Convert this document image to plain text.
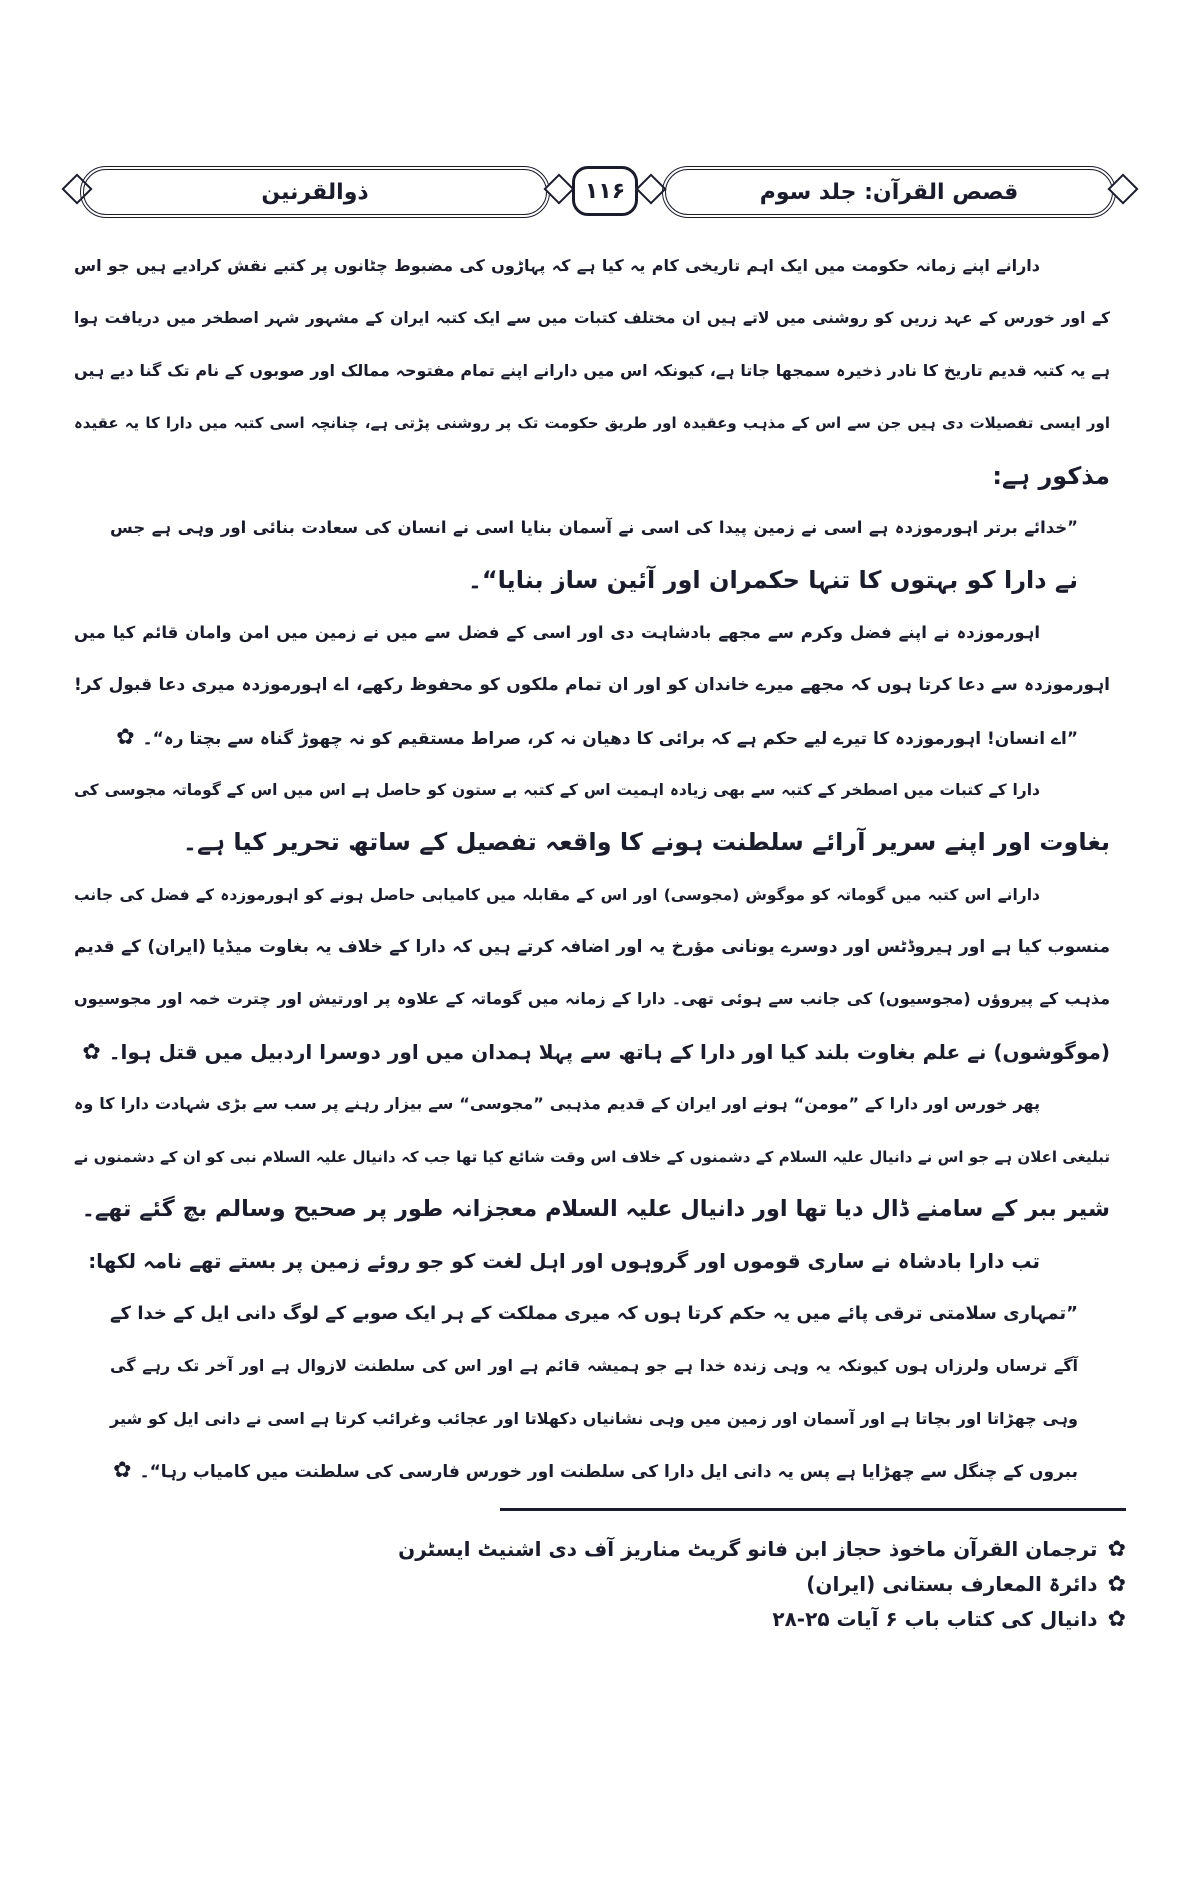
ذوالقرنین	۱۱۶	قصص القرآن: جلد سوم
دارانے اپنے زمانہ حکومت میں ایک اہم تاریخی کام یہ کیا ہے کہ پہاڑوں کی مضبوط چٹانوں پر کتبے نقش کرادیے ہیں جو اس
کے اور خورس کے عہد زریں کو روشنی میں لاتے ہیں ان مختلف کتبات میں سے ایک کتبہ ایران کے مشہور شہر اصطخر میں دریافت ہوا
ہے یہ کتبہ قدیم تاریخ کا نادر ذخیرہ سمجھا جاتا ہے، کیونکہ اس میں دارانے اپنے تمام مفتوحہ ممالک اور صوبوں کے نام تک گنا دیے ہیں
اور ایسی تفصیلات دی ہیں جن سے اس کے مذہب وعقیدہ اور طریق حکومت تک پر روشنی پڑتی ہے، چنانچہ اسی کتبہ میں دارا کا یہ عقیدہ
مذکور ہے:
”خدائے برتر اہورموزدہ ہے اسی نے زمین پیدا کی اسی نے آسمان بنایا اسی نے انسان کی سعادت بنائی اور وہی ہے جس
نے دارا کو بہتوں کا تنہا حکمران اور آئین ساز بنایا“۔
اہورموزدہ نے اپنے فضل وکرم سے مجھے بادشاہت دی اور اسی کے فضل سے میں نے زمین میں امن وامان قائم کیا میں
اہورموزدہ سے دعا کرتا ہوں کہ مجھے میرے خاندان کو اور ان تمام ملکوں کو محفوظ رکھے، اے اہورموزدہ میری دعا قبول کر!
”اے انسان! اہورموزدہ کا تیرے لیے حکم ہے کہ برائی کا دھیان نہ کر، صراط مستقیم کو نہ چھوڑ گناہ سے بچتا رہ“۔✿
دارا کے کتبات میں اصطخر کے کتبہ سے بھی زیادہ اہمیت اس کے کتبہ بے ستون کو حاصل ہے اس میں اس کے گوماتہ مجوسی کی
بغاوت اور اپنے سریر آرائے سلطنت ہونے کا واقعہ تفصیل کے ساتھ تحریر کیا ہے۔
دارانے اس کتبہ میں گوماتہ کو موگوش (مجوسی) اور اس کے مقابلہ میں کامیابی حاصل ہونے کو اہورموزدہ کے فضل کی جانب
منسوب کیا ہے اور ہیروڈٹس اور دوسرے یونانی مؤرخ یہ اور اضافہ کرتے ہیں کہ دارا کے خلاف یہ بغاوت میڈیا (ایران) کے قدیم
مذہب کے پیروؤں (مجوسیوں) کی جانب سے ہوئی تھی۔ دارا کے زمانہ میں گوماتہ کے علاوہ پر اورتیش اور چترت خمہ اور مجوسیوں
(موگوشوں) نے علم بغاوت بلند کیا اور دارا کے ہاتھ سے پہلا ہمدان میں اور دوسرا اردبیل میں قتل ہوا۔✿
پھر خورس اور دارا کے ”مومن“ ہونے اور ایران کے قدیم مذہبی ”مجوسی“ سے بیزار رہنے پر سب سے بڑی شہادت دارا کا وہ
تبلیغی اعلان ہے جو اس نے دانیال علیہ السلام کے دشمنوں کے خلاف اس وقت شائع کیا تھا جب کہ دانیال علیہ السلام نبی کو ان کے دشمنوں نے
شیر ببر کے سامنے ڈال دیا تھا اور دانیال علیہ السلام معجزانہ طور پر صحیح وسالم بچ گئے تھے۔
تب دارا بادشاہ نے ساری قوموں اور گروہوں اور اہل لغت کو جو روئے زمین پر بستے تھے نامہ لکھا:
”تمہاری سلامتی ترقی پائے میں یہ حکم کرتا ہوں کہ میری مملکت کے ہر ایک صوبے کے لوگ دانی ایل کے خدا کے
آگے ترساں ولرزاں ہوں کیونکہ یہ وہی زندہ خدا ہے جو ہمیشہ قائم ہے اور اس کی سلطنت لازوال ہے اور آخر تک رہے گی
وہی چھڑاتا اور بچاتا ہے اور آسمان اور زمین میں وہی نشانیاں دکھلاتا اور عجائب وغرائب کرتا ہے اسی نے دانی ایل کو شیر
ببروں کے چنگل سے چھڑایا ہے پس یہ دانی ایل دارا کی سلطنت اور خورس فارسی کی سلطنت میں کامیاب رہا“۔✿
✿ترجمان القرآن ماخوذ حجاز ابن فانو گریٹ مناریز آف دی اشنیٹ ایسٹرن
✿دائرۃ المعارف بستانی (ایران)
✿دانیال کی کتاب باب ۶ آیات ۲۵-۲۸
